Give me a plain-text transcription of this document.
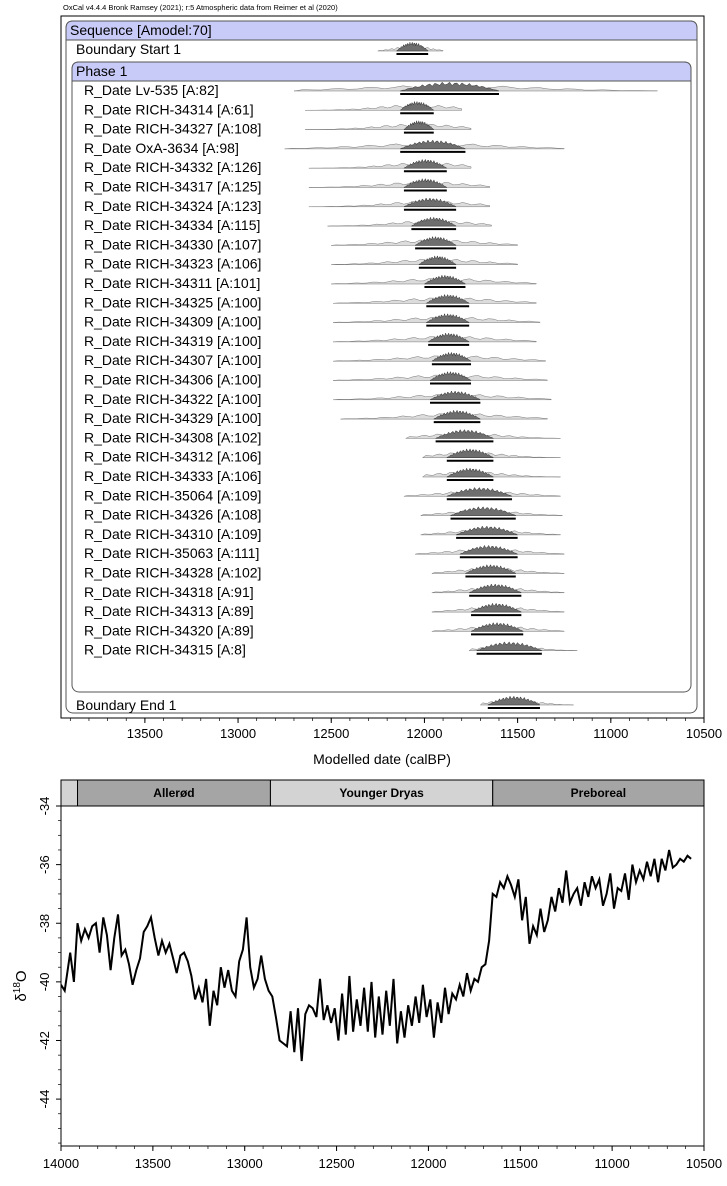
OxCal v4.4.4 Bronk Ramsey (2021); r:5 Atmospheric data from Reimer et al (2020)
Sequence [Amodel:70]
Boundary Start 1
Phase 1
R_Date Lv-535 [A:82]
R_Date RICH-34314 [A:61]
R_Date RICH-34327 [A:108]
R_Date OxA-3634 [A:98]
R_Date RICH-34332 [A:126]
R_Date RICH-34317 [A:125]
R_Date RICH-34324 [A:123]
R_Date RICH-34334 [A:115]
R_Date RICH-34330 [A:107]
R_Date RICH-34323 [A:106]
R_Date RICH-34311 [A:101]
R_Date RICH-34325 [A:100]
R_Date RICH-34309 [A:100]
R_Date RICH-34319 [A:100]
R_Date RICH-34307 [A:100]
R_Date RICH-34306 [A:100]
R_Date RICH-34322 [A:100]
R_Date RICH-34329 [A:100]
R_Date RICH-34308 [A:102]
R_Date RICH-34312 [A:106]
R_Date RICH-34333 [A:106]
R_Date RICH-35064 [A:109]
R_Date RICH-34326 [A:108]
R_Date RICH-34310 [A:109]
R_Date RICH-35063 [A:111]
R_Date RICH-34328 [A:102]
R_Date RICH-34318 [A:91]
R_Date RICH-34313 [A:89]
R_Date RICH-34320 [A:89]
R_Date RICH-34315 [A:8]
Boundary End 1
13500	13000	12500	12000	11500	11000	10500
Modelled date (calBP)
Allerød	Younger Dryas	Preboreal
14000	13500	13000	12500	12000	11500	11000	10500
-34
-36
-38
-40
-42
-44
$\delta^{18}O$
